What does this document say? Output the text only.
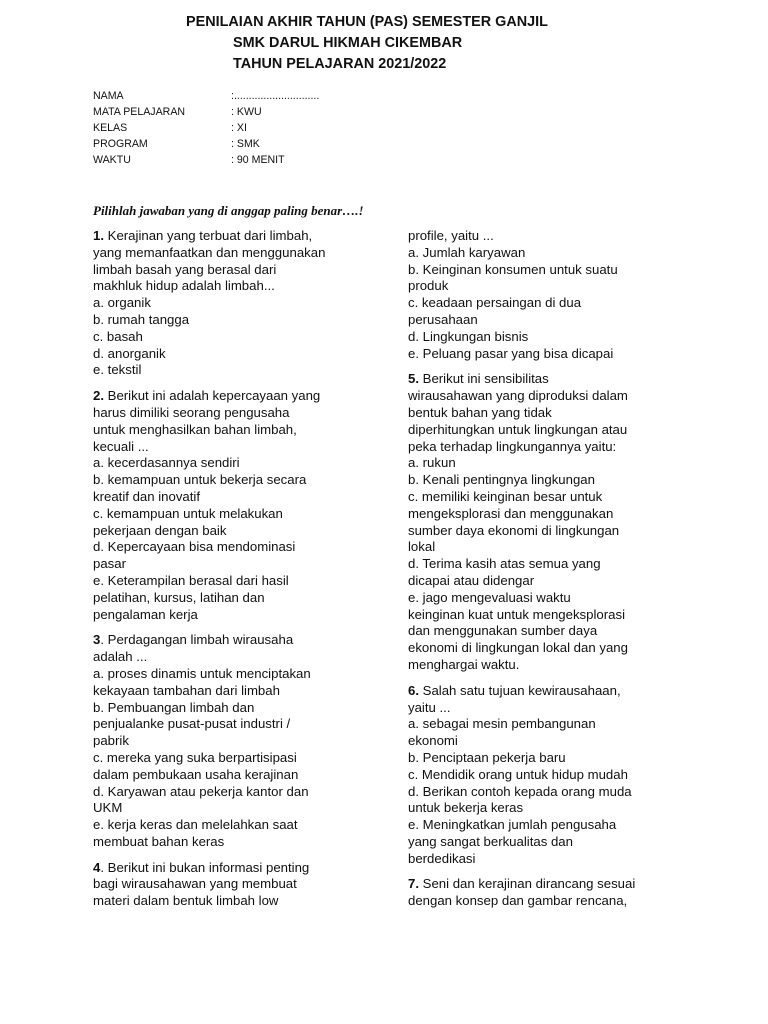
PENILAIAN AKHIR TAHUN (PAS) SEMESTER GANJIL
SMK DARUL HIKMAH CIKEMBAR
TAHUN PELAJARAN 2021/2022
NAMA	:.............................
MATA PELAJARAN	: KWU
KELAS	: XI
PROGRAM	: SMK
WAKTU	: 90 MENIT
Pilihlah jawaban yang di anggap paling benar….!
1. Kerajinan yang terbuat dari limbah,
yang memanfaatkan dan menggunakan
limbah basah yang berasal dari
makhluk hidup adalah limbah...
a. organik
b. rumah tangga
c. basah
d. anorganik
e. tekstil
2. Berikut ini adalah kepercayaan yang
harus dimiliki seorang pengusaha
untuk menghasilkan bahan limbah,
kecuali ...
a. kecerdasannya sendiri
b. kemampuan untuk bekerja secara
kreatif dan inovatif
c. kemampuan untuk melakukan
pekerjaan dengan baik
d. Kepercayaan bisa mendominasi
pasar
e. Keterampilan berasal dari hasil
pelatihan, kursus, latihan dan
pengalaman kerja
3. Perdagangan limbah wirausaha
adalah ...
a. proses dinamis untuk menciptakan
kekayaan tambahan dari limbah
b. Pembuangan limbah dan
penjualanke pusat-pusat industri /
pabrik
c. mereka yang suka berpartisipasi
dalam pembukaan usaha kerajinan
d. Karyawan atau pekerja kantor dan
UKM
e. kerja keras dan melelahkan saat
membuat bahan keras
4. Berikut ini bukan informasi penting
bagi wirausahawan yang membuat
materi dalam bentuk limbah low
profile, yaitu ...
a. Jumlah karyawan
b. Keinginan konsumen untuk suatu
produk
c. keadaan persaingan di dua
perusahaan
d. Lingkungan bisnis
e. Peluang pasar yang bisa dicapai
5. Berikut ini sensibilitas
wirausahawan yang diproduksi dalam
bentuk bahan yang tidak
diperhitungkan untuk lingkungan atau
peka terhadap lingkungannya yaitu:
a. rukun
b. Kenali pentingnya lingkungan
c. memiliki keinginan besar untuk
mengeksplorasi dan menggunakan
sumber daya ekonomi di lingkungan
lokal
d. Terima kasih atas semua yang
dicapai atau didengar
e. jago mengevaluasi waktu
keinginan kuat untuk mengeksplorasi
dan menggunakan sumber daya
ekonomi di lingkungan lokal dan yang
menghargai waktu.
6. Salah satu tujuan kewirausahaan,
yaitu ...
a. sebagai mesin pembangunan
ekonomi
b. Penciptaan pekerja baru
c. Mendidik orang untuk hidup mudah
d. Berikan contoh kepada orang muda
untuk bekerja keras
e. Meningkatkan jumlah pengusaha
yang sangat berkualitas dan
berdedikasi
7. Seni dan kerajinan dirancang sesuai
dengan konsep dan gambar rencana,
